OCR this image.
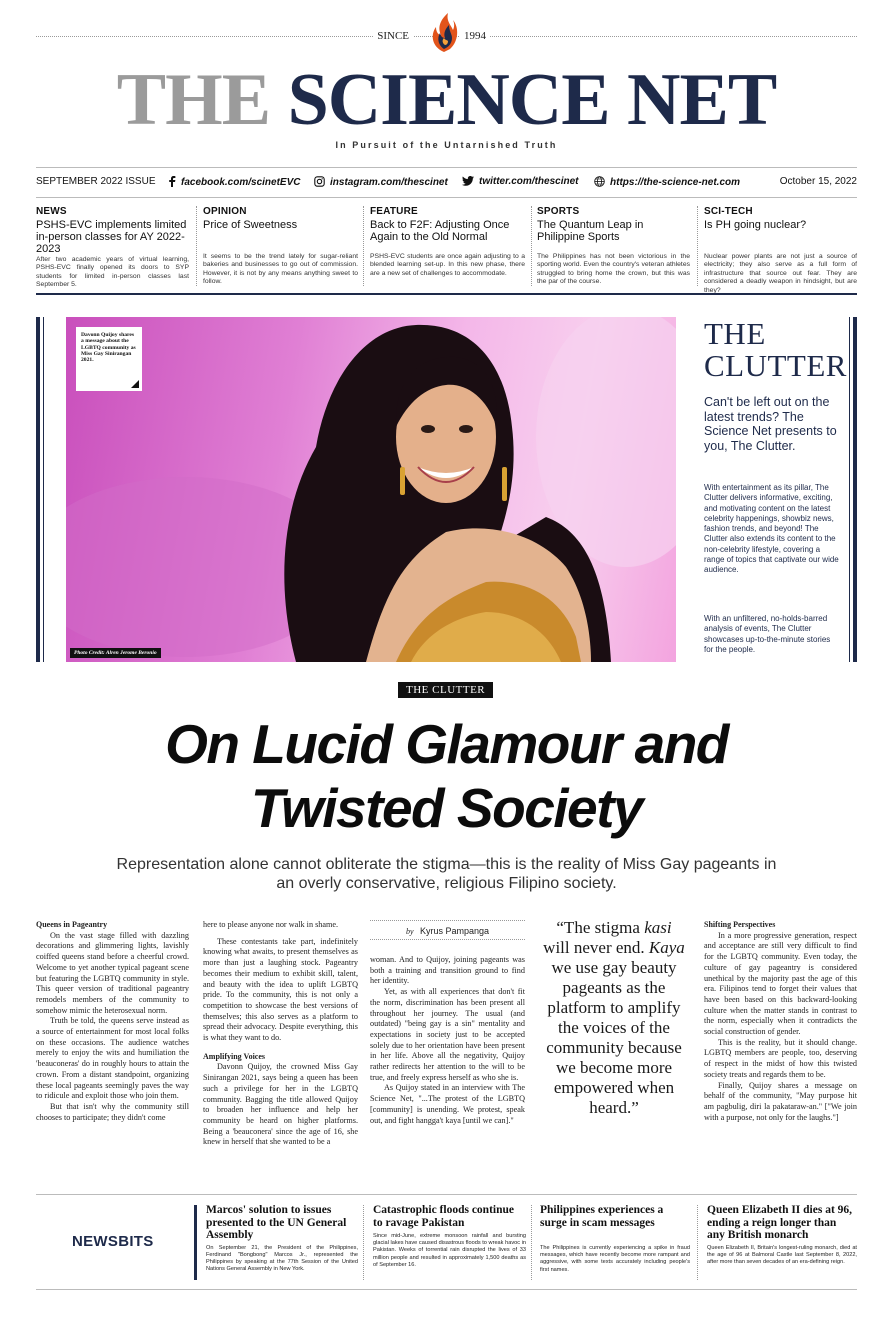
SINCE	1994
THE SCIENCE NET
In Pursuit of the Untarnished Truth
SEPTEMBER 2022 ISSUE	facebook.com/scinetEVC	instagram.com/thescinet	twitter.com/thescinet	https://the-science-net.com	October 15, 2022
NEWS
PSHS-EVC implements limited in-person classes for AY 2022-2023
After two academic years of virtual learning, PSHS-EVC finally opened its doors to SYP students for limited in-person classes last September 5.
OPINION
Price of Sweetness
It seems to be the trend lately for sugar-reliant bakeries and businesses to go out of commission. However, it is not by any means anything sweet to follow.
FEATURE
Back to F2F: Adjusting Once Again to the Old Normal
PSHS-EVC students are once again adjusting to a blended learning set-up. In this new phase, there are a new set of challenges to accommodate.
SPORTS
The Quantum Leap in Philippine Sports
The Philippines has not been victorious in the sporting world. Even the country's veteran athletes struggled to bring home the crown, but this was the par of the course.
SCI-TECH
Is PH going nuclear?
Nuclear power plants are not just a source of electricity; they also serve as a full form of infrastructure that source out fear. They are considered a deadly weapon in hindsight, but are they?
Davonn Quijoy shares a message about the LGBTQ community as Miss Gay Sinirangan 2021.
Photo Credit: Alren Jerome Beronio
THE
CLUTTER
Can't be left out on the latest trends? The Science Net presents to you, The Clutter.
With entertainment as its pillar, The Clutter delivers informative, exciting, and motivating content on the latest celebrity happenings, showbiz news, fashion trends, and beyond! The Clutter also extends its content to the non-celebrity lifestyle, covering a range of topics that captivate our wide audience.
With an unfiltered, no-holds-barred analysis of events, The Clutter showcases up-to-the-minute stories for the people.
THE CLUTTER
On Lucid Glamour and
Twisted Society
Representation alone cannot obliterate the stigma—this is the reality of Miss Gay pageants in an overly conservative, religious Filipino society.
Queens in Pageantry

On the vast stage filled with dazzling decorations and glimmering lights, lavishly coiffed queens stand before a cheerful crowd. Welcome to yet another typical pageant scene but featuring the LGBTQ community in style. This queer version of traditional pageantry remodels members of the community to somehow mimic the heterosexual norm.

Truth be told, the queens serve instead as a source of entertainment for most local folks on these occasions. The audience watches merely to enjoy the wits and humiliation the 'beauconeras' do in roughly hours to attain the crown. From a distant standpoint, organizing these local pageants seemingly paves the way to ridicule and exploit those who join them.

But that isn't why the community still chooses to participate; they didn't come

here to please anyone nor walk in shame.

These contestants take part, indefinitely knowing what awaits, to present themselves as more than just a laughing stock. Pageantry becomes their medium to exhibit skill, talent, and beauty with the idea to uplift LGBTQ pride. To the community, this is not only a competition to showcase the best versions of themselves; this also serves as a platform to spread their advocacy. Despite everything, this is what they want to do.

Amplifying Voices

Davonn Quijoy, the crowned Miss Gay Sinirangan 2021, says being a queen has been such a privilege for her in the LGBTQ community. Bagging the title allowed Quijoy to broaden her influence and help her community be heard on higher platforms. Being a 'beauconera' since the age of 16, she knew in herself that she wanted to be a

by Kyrus Pampanga
woman. And to Quijoy, joining pageants was both a training and transition ground to find her identity.

Yet, as with all experiences that don't fit the norm, discrimination has been present all throughout her journey. The usual (and outdated) "being gay is a sin" mentality and expectations in society just to be accepted solely due to her orientation have been present in her life. Above all the negativity, Quijoy rather redirects her attention to the will to be true, and freely express herself as who she is.

As Quijoy stated in an interview with The Science Net, "...The protest of the LGBTQ [community] is unending. We protest, speak out, and fight hangga't kaya [until we can]."

“The stigma kasi will never end. Kaya we use gay beauty pageants as the platform to amplify the voices of the community because we become more empowered when heard.”
Shifting Perspectives

In a more progressive generation, respect and acceptance are still very difficult to find for the LGBTQ community. Even today, the culture of gay pageantry is considered unethical by the majority past the age of this era. Filipinos tend to forget their values that have been based on this backward-looking culture when the matter stands in contrast to the norm, especially when it contradicts the social construction of gender.

This is the reality, but it should change. LGBTQ members are people, too, deserving of respect in the midst of how this twisted society treats and regards them to be.

Finally, Quijoy shares a message on behalf of the community, "May purpose hit am pagbulig, diri la pakataraw-an." ["We join with a purpose, not only for the laughs."]

NEWSBITS
Marcos' solution to issues presented to the UN General Assembly
On September 21, the President of the Philippines, Ferdinand "Bongbong" Marcos Jr., represented the Philippines by speaking at the 77th Session of the United Nations General Assembly in New York.
Catastrophic floods continue to ravage Pakistan
Since mid-June, extreme monsoon rainfall and bursting glacial lakes have caused disastrous floods to wreak havoc in Pakistan. Weeks of torrential rain disrupted the lives of 33 million people and resulted in approximately 1,500 deaths as of September 16.
Philippines experiences a surge in scam messages
The Philippines is currently experiencing a spike in fraud messages, which have recently become more rampant and aggressive, with some texts accurately including people's first names.
Queen Elizabeth II dies at 96, ending a reign longer than any British monarch
Queen Elizabeth II, Britain's longest-ruling monarch, died at the age of 96 at Balmoral Castle last September 8, 2022, after more than seven decades of an era-defining reign.
